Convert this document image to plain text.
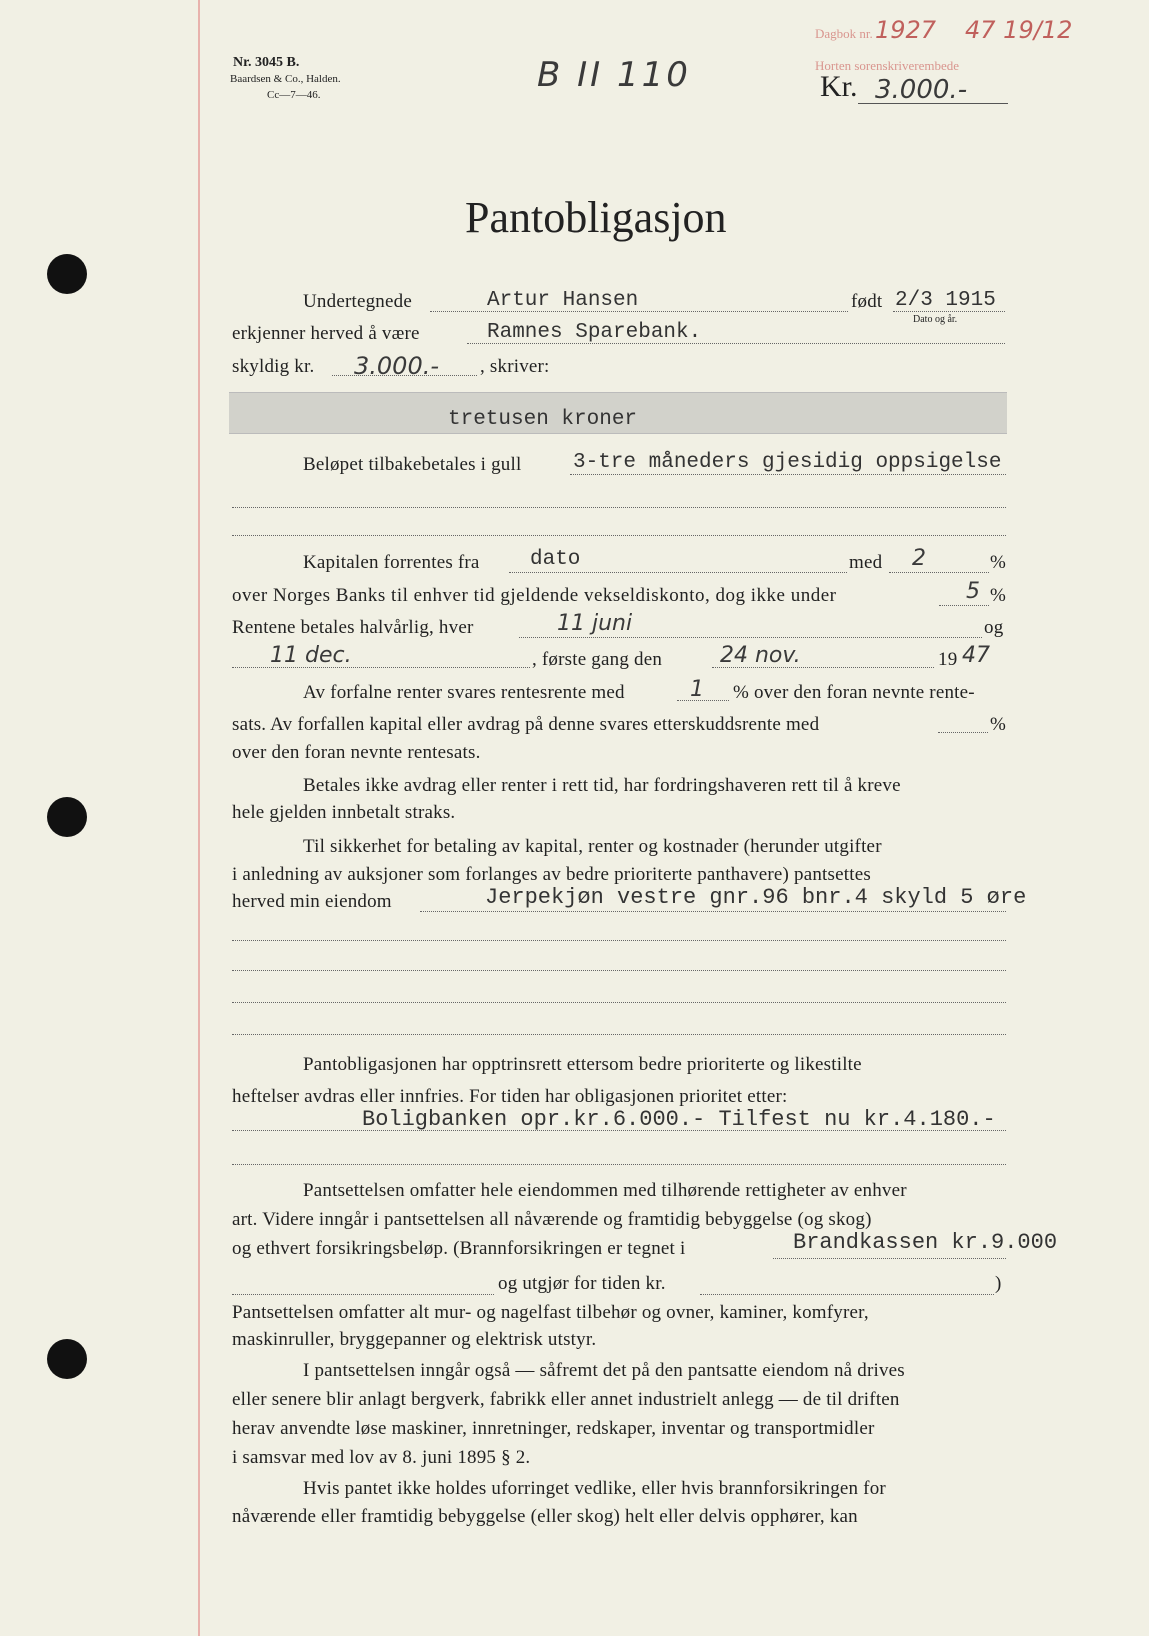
Nr. 3045 B.
Baardsen & Co., Halden.
Cc—7—46.	B II 110
Dagbok nr. 1927 47 19/12
Horten sorenskriverembede
Kr. 3.000.-
Pantobligasjon
Undertegnede	Artur Hansen	født 2/3 1915
Dato og år.
erkjenner herved å være	Ramnes Sparebank.
skyldig kr. 3.000.- , skriver:
tretusen kroner
Beløpet tilbakebetales i gull 3-tre måneders gjesidig oppsigelse
Kapitalen forrentes fra dato	med 2	%
over Norges Banks til enhver tid gjeldende vekseldiskonto, dog ikke under	5 %
Rentene betales halvårlig, hver	11 juni	og
11 dec.	, første gang den	24 nov.	19 47
Av forfalne renter svares rentesrente med	1 % over den foran nevnte rente-
sats. Av forfallen kapital eller avdrag på denne svares etterskuddsrente med	%
over den foran nevnte rentesats.
Betales ikke avdrag eller renter i rett tid, har fordringshaveren rett til å kreve
hele gjelden innbetalt straks.
Til sikkerhet for betaling av kapital, renter og kostnader (herunder utgifter
i anledning av auksjoner som forlanges av bedre prioriterte panthavere) pantsettes
herved min eiendom	Jerpekjøn vestre gnr.96 bnr.4 skyld 5 øre
Pantobligasjonen har opptrinsrett ettersom bedre prioriterte og likestilte
heftelser avdras eller innfries. For tiden har obligasjonen prioritet etter:
Boligbanken opr.kr.6.000.- Tilfest nu kr.4.180.-
Pantsettelsen omfatter hele eiendommen med tilhørende rettigheter av enhver
art. Videre inngår i pantsettelsen all nåværende og framtidig bebyggelse (og skog)
og ethvert forsikringsbeløp. (Brannforsikringen er tegnet i	Brandkassen kr.9.000
og utgjør for tiden kr.	)
Pantsettelsen omfatter alt mur- og nagelfast tilbehør og ovner, kaminer, komfyrer,
maskinruller, bryggepanner og elektrisk utstyr.
I pantsettelsen inngår også — såfremt det på den pantsatte eiendom nå drives
eller senere blir anlagt bergverk, fabrikk eller annet industrielt anlegg — de til driften
herav anvendte løse maskiner, innretninger, redskaper, inventar og transportmidler
i samsvar med lov av 8. juni 1895 § 2.
Hvis pantet ikke holdes uforringet vedlike, eller hvis brannforsikringen for
nåværende eller framtidig bebyggelse (eller skog) helt eller delvis opphører, kan
